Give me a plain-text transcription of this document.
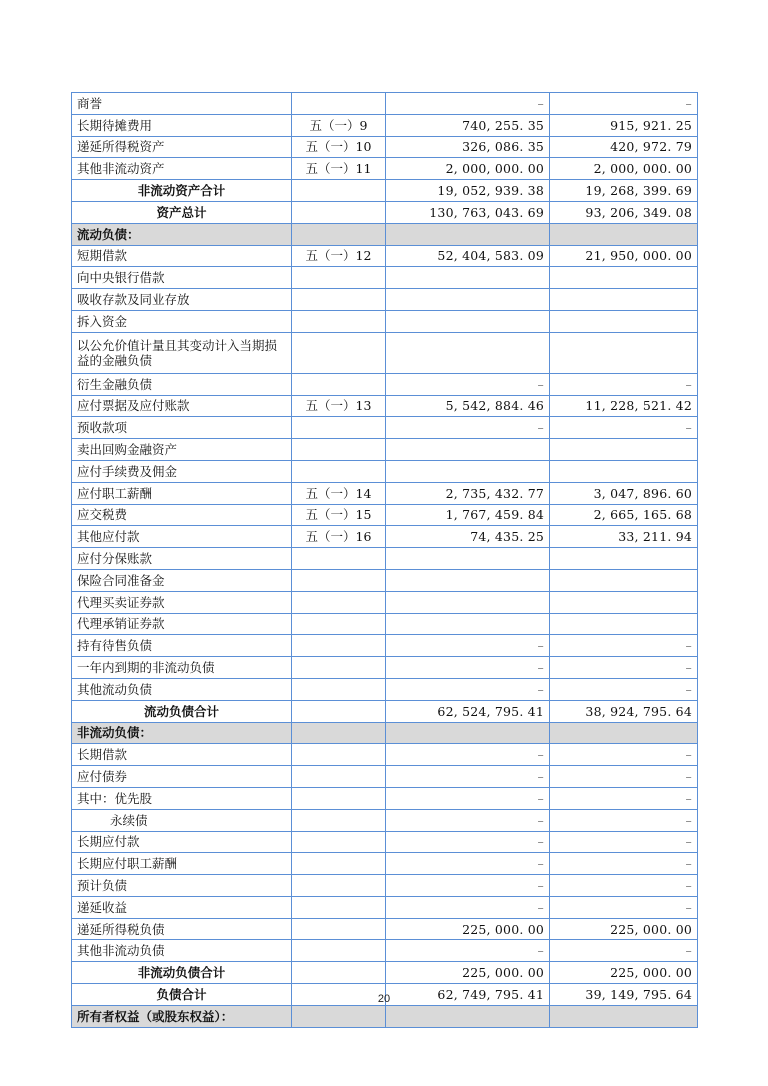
商誉		–	–
长期待摊费用	五（一）9	740, 255. 35	915, 921. 25
递延所得税资产	五（一）10	326, 086. 35	420, 972. 79
其他非流动资产	五（一）11	2, 000, 000. 00	2, 000, 000. 00
非流动资产合计		19, 052, 939. 38	19, 268, 399. 69
资产总计		130, 763, 043. 69	93, 206, 349. 08
流动负债：			
短期借款	五（一）12	52, 404, 583. 09	21, 950, 000. 00
向中央银行借款			
吸收存款及同业存放			
拆入资金			
以公允价值计量且其变动计入当期损益的金融负债			
衍生金融负债		–	–
应付票据及应付账款	五（一）13	5, 542, 884. 46	11, 228, 521. 42
预收款项		–	–
卖出回购金融资产			
应付手续费及佣金			
应付职工薪酬	五（一）14	2, 735, 432. 77	3, 047, 896. 60
应交税费	五（一）15	1, 767, 459. 84	2, 665, 165. 68
其他应付款	五（一）16	74, 435. 25	33, 211. 94
应付分保账款			
保险合同准备金			
代理买卖证券款			
代理承销证券款			
持有待售负债		–	–
一年内到期的非流动负债		–	–
其他流动负债		–	–
流动负债合计		62, 524, 795. 41	38, 924, 795. 64
非流动负债：			
长期借款		–	–
应付债券		–	–
其中：优先股		–	–
永续债		–	–
长期应付款		–	–
长期应付职工薪酬		–	–
预计负债		–	–
递延收益		–	–
递延所得税负债		225, 000. 00	225, 000. 00
其他非流动负债		–	–
非流动负债合计		225, 000. 00	225, 000. 00
负债合计		62, 749, 795. 41	39, 149, 795. 64
所有者权益（或股东权益）：			
20
